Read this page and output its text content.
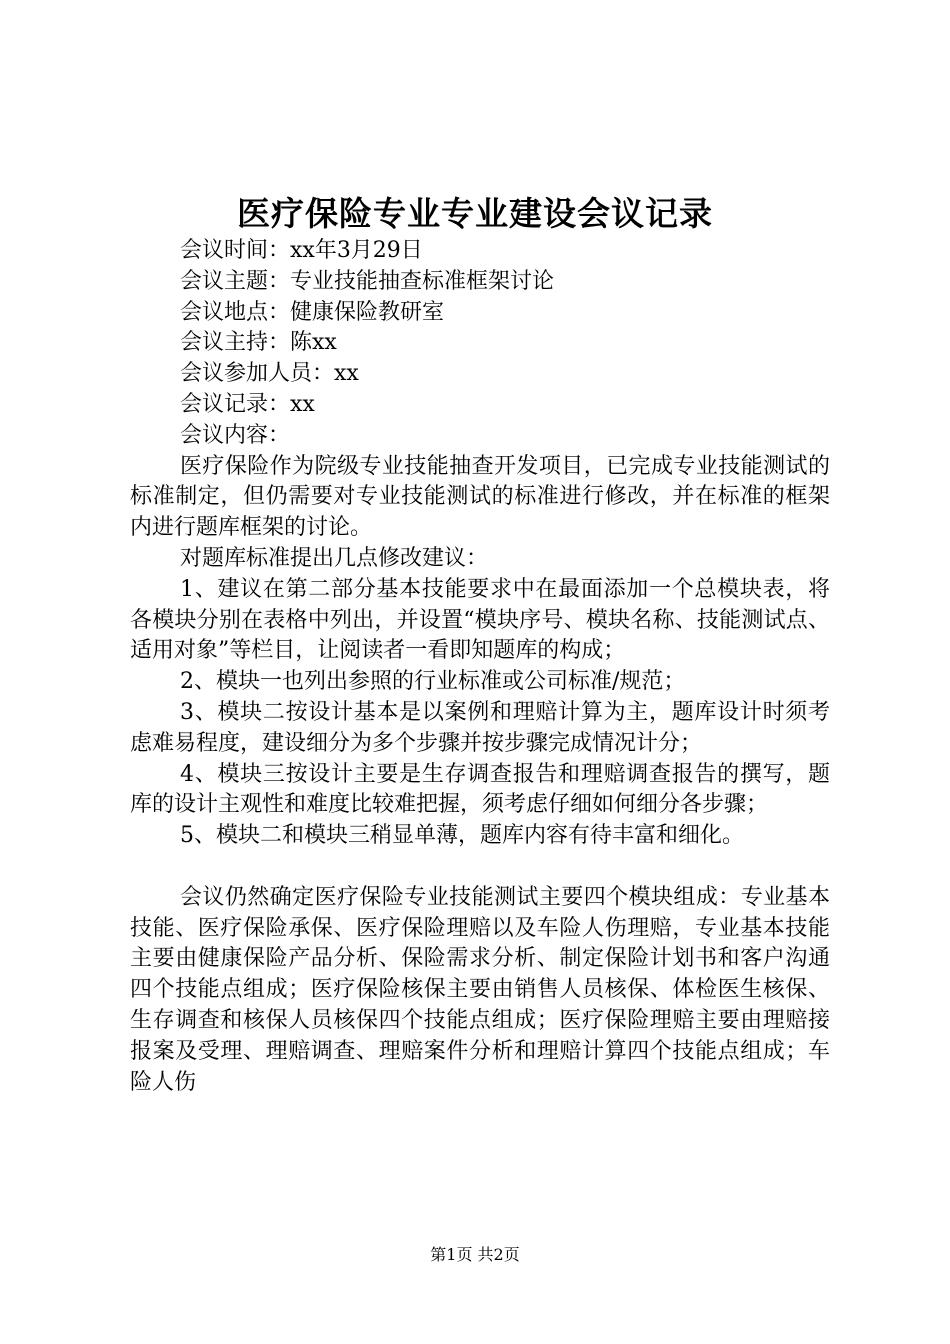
医疗保险专业专业建设会议记录
会议时间：xx年3月29日
会议主题：专业技能抽查标准框架讨论
会议地点：健康保险教研室
会议主持：陈xx
会议参加人员：xx
会议记录：xx
会议内容：
医疗保险作为院级专业技能抽查开发项目，已完成专业技能测试的标准制定，但仍需要对专业技能测试的标准进行修改，并在标准的框架内进行题库框架的讨论。
对题库标准提出几点修改建议：
1、建议在第二部分基本技能要求中在最面添加一个总模块表，将各模块分别在表格中列出，并设置“模块序号、模块名称、技能测试点、适用对象”等栏目，让阅读者一看即知题库的构成；
2、模块一也列出参照的行业标准或公司标准/规范；
3、模块二按设计基本是以案例和理赔计算为主，题库设计时须考虑难易程度，建设细分为多个步骤并按步骤完成情况计分；
4、模块三按设计主要是生存调查报告和理赔调查报告的撰写，题库的设计主观性和难度比较难把握，须考虑仔细如何细分各步骤；
5、模块二和模块三稍显单薄，题库内容有待丰富和细化。
会议仍然确定医疗保险专业技能测试主要四个模块组成：专业基本技能、医疗保险承保、医疗保险理赔以及车险人伤理赔，专业基本技能主要由健康保险产品分析、保险需求分析、制定保险计划书和客户沟通四个技能点组成；医疗保险核保主要由销售人员核保、体检医生核保、生存调查和核保人员核保四个技能点组成；医疗保险理赔主要由理赔接报案及受理、理赔调查、理赔案件分析和理赔计算四个技能点组成；车险人伤
第1页 共2页
